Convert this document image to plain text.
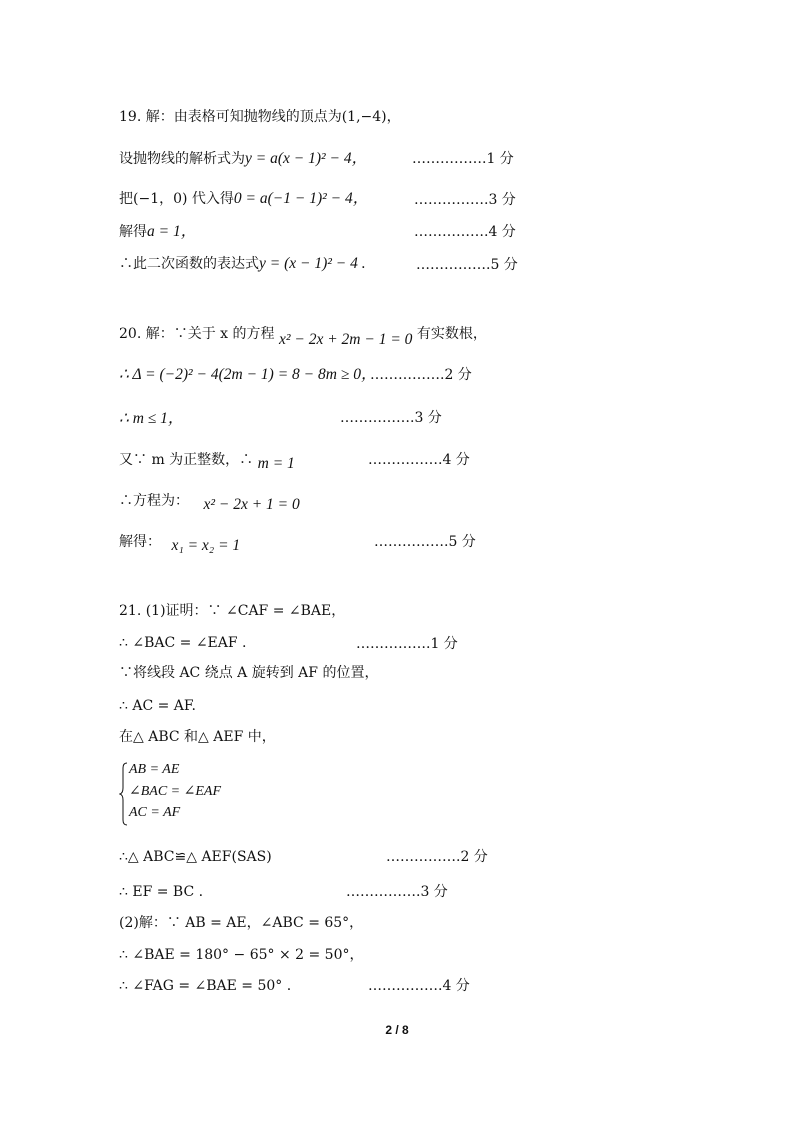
19. 解：由表格可知抛物线的顶点为(1,−4)，
设抛物线的解析式为y = a(x − 1)² − 4，	…………….1 分
把(−1，0) 代入得0 = a(−1 − 1)² − 4，	…………….3 分
解得a = 1，	…………….4 分
∴此二次函数的表达式y = (x − 1)² − 4 .	…………….5 分
20. 解：∵关于 x 的方程 x² − 2x + 2m − 1 = 0 有实数根，
∴ Δ = (−2)² − 4(2m − 1) = 8 − 8m ≥ 0，
…………….2 分
∴ m ≤ 1，	…………….3 分
又∵ m 为正整数，∴ m = 1	…………….4 分
∴方程为： x² − 2x + 1 = 0
解得： x₁ = x₂ = 1	…………….5 分
21. (1)证明：∵ ∠CAF = ∠BAE，
∴ ∠BAC = ∠EAF .	…………….1 分
∵将线段 AC 绕点 A 旋转到 AF 的位置，
∴ AC = AF.
在△ ABC 和△ AEF 中，
AB = AE
∠BAC = ∠EAF
AC = AF
∴△ ABC≌△ AEF(SAS)	…………….2 分
∴ EF = BC .	…………….3 分
(2)解：∵ AB = AE，∠ABC = 65°，
∴ ∠BAE = 180° − 65° × 2 = 50°，
∴ ∠FAG = ∠BAE = 50° .	…………….4 分
2 / 8
